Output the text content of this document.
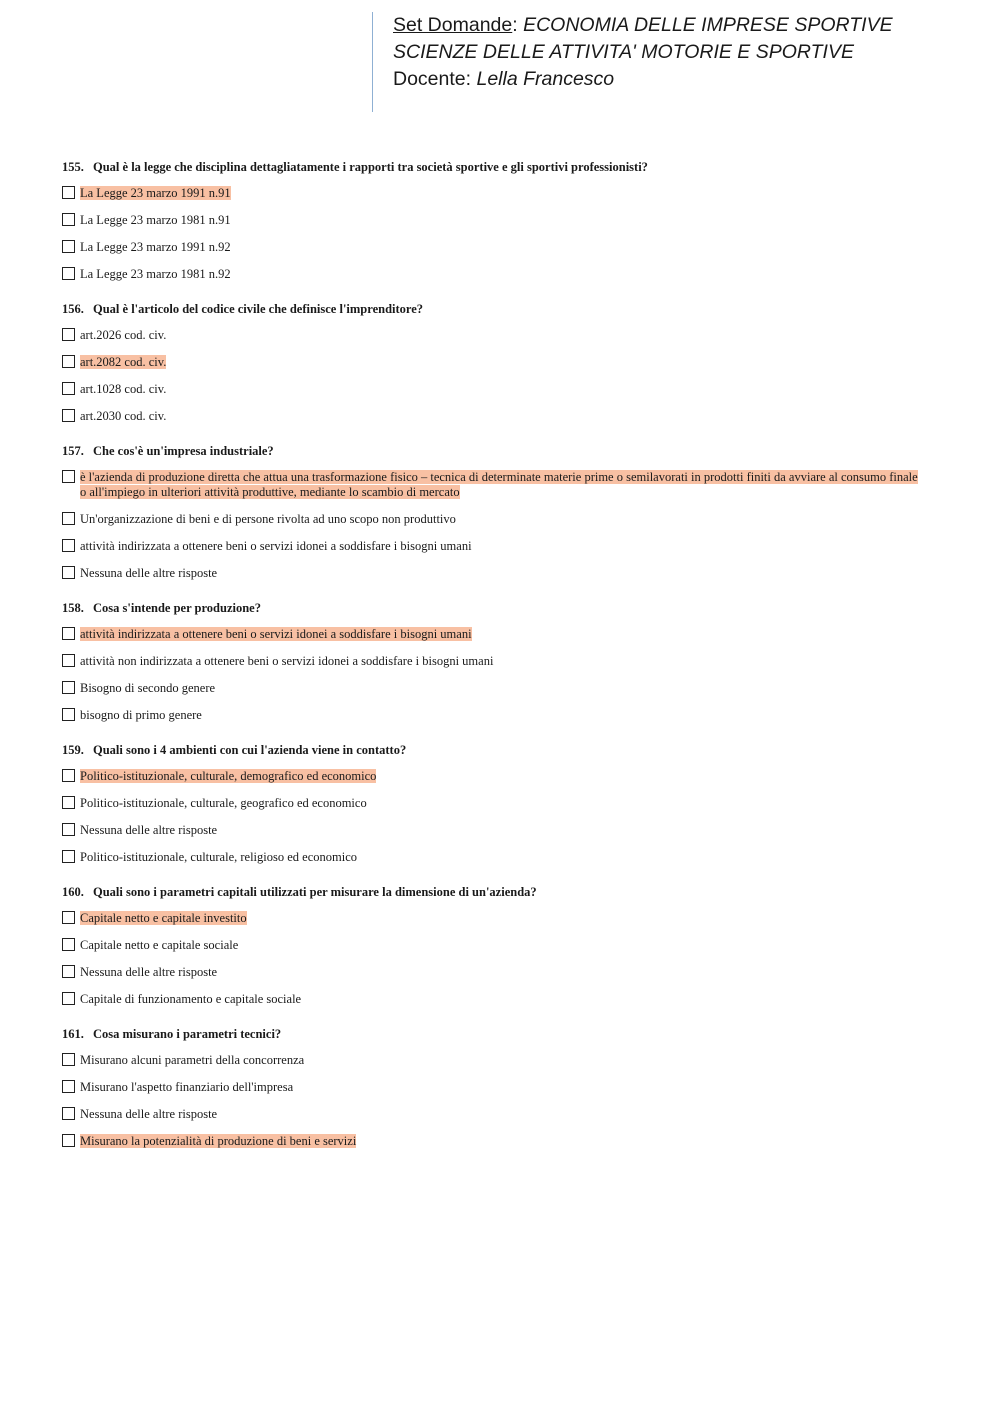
Set Domande: ECONOMIA DELLE IMPRESE SPORTIVE
SCIENZE DELLE ATTIVITA' MOTORIE E SPORTIVE
Docente: Lella Francesco
155. Qual è la legge che disciplina dettagliatamente i rapporti tra società sportive e gli sportivi professionisti?
La Legge 23 marzo 1991 n.91
La Legge 23 marzo 1981 n.91
La Legge 23 marzo 1991 n.92
La Legge 23 marzo 1981 n.92
156. Qual è l'articolo del codice civile che definisce l'imprenditore?
art.2026 cod. civ.
art.2082 cod. civ.
art.1028 cod. civ.
art.2030 cod. civ.
157. Che cos'è un'impresa industriale?
è l'azienda di produzione diretta che attua una trasformazione fisico – tecnica di determinate materie prime o semilavorati in prodotti finiti da avviare al consumo finale o all'impiego in ulteriori attività produttive, mediante lo scambio di mercato
Un'organizzazione di beni e di persone rivolta ad uno scopo non produttivo
attività indirizzata a ottenere beni o servizi idonei a soddisfare i bisogni umani
Nessuna delle altre risposte
158. Cosa s'intende per produzione?
attività indirizzata a ottenere beni o servizi idonei a soddisfare i bisogni umani
attività non indirizzata a ottenere beni o servizi idonei a soddisfare i bisogni umani
Bisogno di secondo genere
bisogno di primo genere
159. Quali sono i 4 ambienti con cui l'azienda viene in contatto?
Politico-istituzionale, culturale, demografico ed economico
Politico-istituzionale, culturale, geografico ed economico
Nessuna delle altre risposte
Politico-istituzionale, culturale, religioso ed economico
160. Quali sono i parametri capitali utilizzati per misurare la dimensione di un'azienda?
Capitale netto e capitale investito
Capitale netto e capitale sociale
Nessuna delle altre risposte
Capitale di funzionamento e capitale sociale
161. Cosa misurano i parametri tecnici?
Misurano alcuni parametri della concorrenza
Misurano l'aspetto finanziario dell'impresa
Nessuna delle altre risposte
Misurano la potenzialità di produzione di beni e servizi
